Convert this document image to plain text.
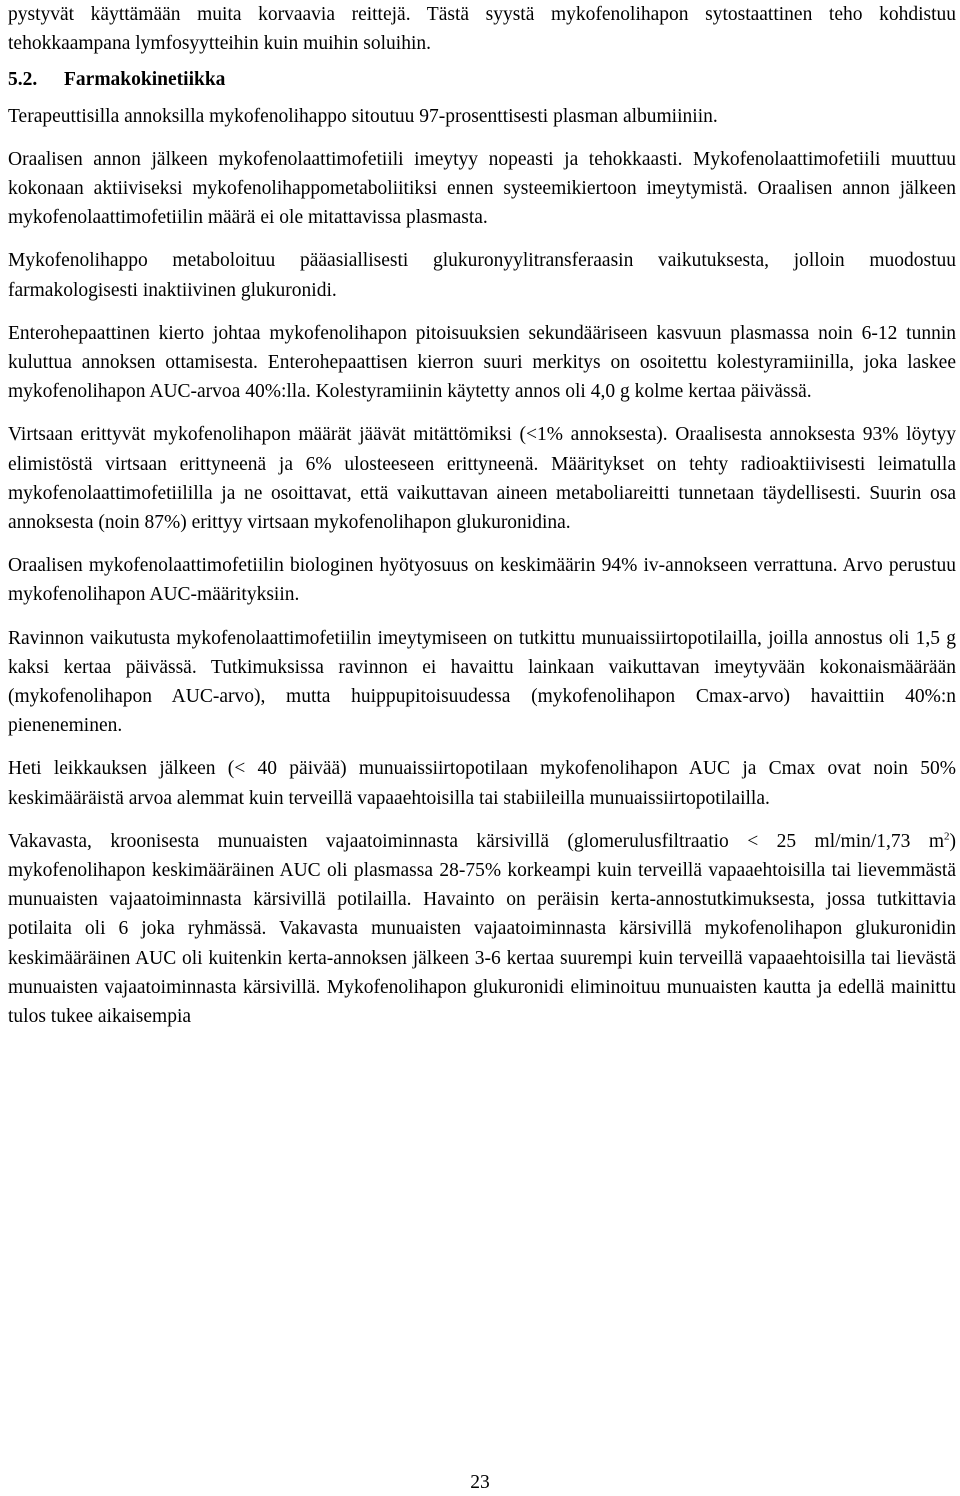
pystyvät käyttämään muita korvaavia reittejä. Tästä syystä mykofenolihapon sytostaattinen teho kohdistuu tehokkaampana lymfosyytteihin kuin muihin soluihin.

5.2. Farmakokinetiikka

Terapeuttisilla annoksilla mykofenolihappo sitoutuu 97-prosenttisesti plasman albumiiniin.

Oraalisen annon jälkeen mykofenolaattimofetiili imeytyy nopeasti ja tehokkaasti. Mykofenolaattimofetiili muuttuu kokonaan aktiiviseksi mykofenolihappometaboliitiksi ennen systeemikiertoon imeytymistä. Oraalisen annon jälkeen mykofenolaattimofetiilin määrä ei ole mitattavissa plasmasta.

Mykofenolihappo metaboloituu pääasiallisesti glukuronyylitransferaasin vaikutuksesta, jolloin muodostuu farmakologisesti inaktiivinen glukuronidi.

Enterohepaattinen kierto johtaa mykofenolihapon pitoisuuksien sekundääriseen kasvuun plasmassa noin 6-12 tunnin kuluttua annoksen ottamisesta. Enterohepaattisen kierron suuri merkitys on osoitettu kolestyramiinilla, joka laskee mykofenolihapon AUC-arvoa 40%:lla. Kolestyramiinin käytetty annos oli 4,0 g kolme kertaa päivässä.

Virtsaan erittyvät mykofenolihapon määrät jäävät mitättömiksi (<1% annoksesta). Oraalisesta annoksesta 93% löytyy elimistöstä virtsaan erittyneenä ja 6% ulosteeseen erittyneenä. Määritykset on tehty radioaktiivisesti leimatulla mykofenolaattimofetiililla ja ne osoittavat, että vaikuttavan aineen metaboliareitti tunnetaan täydellisesti. Suurin osa annoksesta (noin 87%) erittyy virtsaan mykofenolihapon glukuronidina.

Oraalisen mykofenolaattimofetiilin biologinen hyötyosuus on keskimäärin 94% iv-annokseen verrattuna. Arvo perustuu mykofenolihapon AUC-määrityksiin.

Ravinnon vaikutusta mykofenolaattimofetiilin imeytymiseen on tutkittu munuaissiirtopotilailla, joilla annostus oli 1,5 g kaksi kertaa päivässä. Tutkimuksissa ravinnon ei havaittu lainkaan vaikuttavan imeytyvään kokonaismäärään (mykofenolihapon AUC-arvo), mutta huippupitoisuudessa (mykofenolihapon Cmax-arvo) havaittiin 40%:n pieneneminen.

Heti leikkauksen jälkeen (< 40 päivää) munuaissiirtopotilaan mykofenolihapon AUC ja Cmax ovat noin 50% keskimääräistä arvoa alemmat kuin terveillä vapaaehtoisilla tai stabiileilla munuaissiirtopotilailla.

Vakavasta, kroonisesta munuaisten vajaatoiminnasta kärsivillä (glomerulusfiltraatio < 25 ml/min/1,73 $m^2$) mykofenolihapon keskimääräinen AUC oli plasmassa 28-75% korkeampi kuin terveillä vapaaehtoisilla tai lievemmästä munuaisten vajaatoiminnasta kärsivillä potilailla. Havainto on peräisin kerta-annostutkimuksesta, jossa tutkittavia potilaita oli 6 joka ryhmässä. Vakavasta munuaisten vajaatoiminnasta kärsivillä mykofenolihapon glukuronidin keskimääräinen AUC oli kuitenkin kerta-annoksen jälkeen 3-6 kertaa suurempi kuin terveillä vapaaehtoisilla tai lievästä munuaisten vajaatoiminnasta kärsivillä. Mykofenolihapon glukuronidi eliminoituu munuaisten kautta ja edellä mainittu tulos tukee aikaisempia

23
